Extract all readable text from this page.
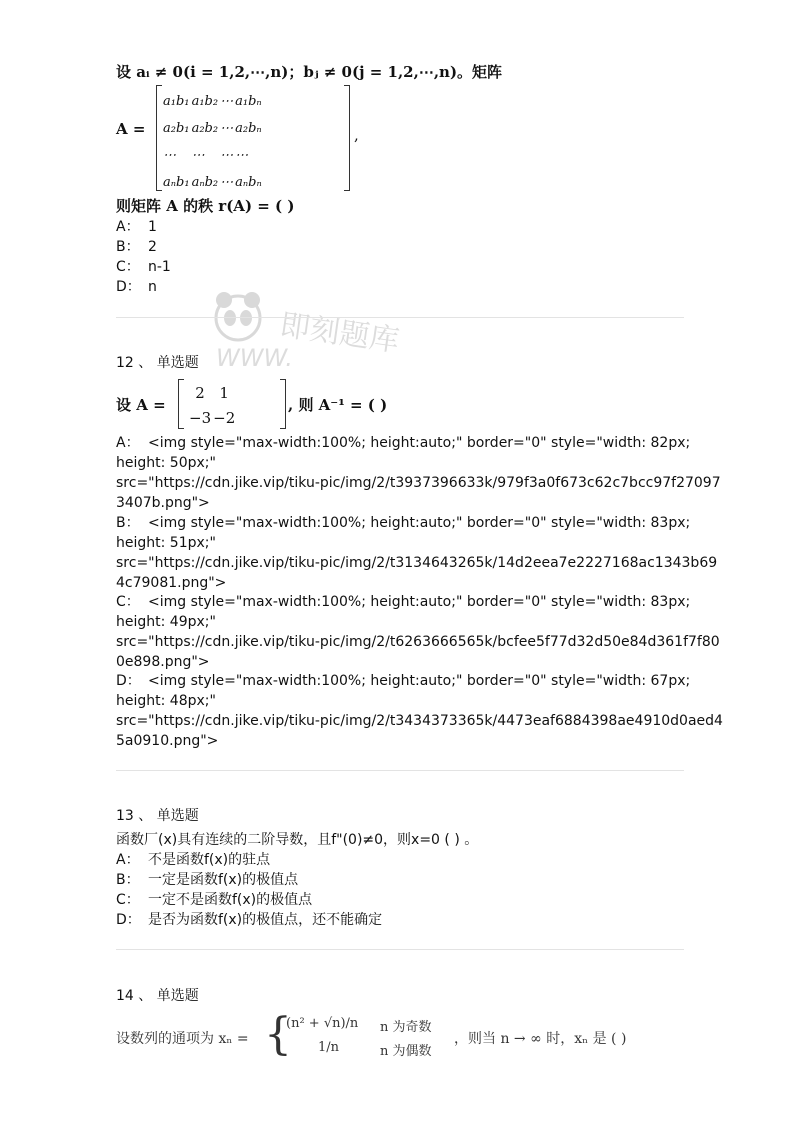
即刻题库
WWW.
设 aᵢ ≠ 0(i = 1,2,⋯,n)；bⱼ ≠ 0(j = 1,2,⋯,n)。矩阵
A =
a₁b₁	a₁b₂	⋯	a₁bₙ
a₂b₁	a₂b₂	⋯	a₂bₙ
⋯	⋯	⋯	⋯
aₙb₁	aₙb₂	⋯	aₙbₙ
,
则矩阵 A 的秩 r(A) = ( )
A： 1
B： 2
C： n-1
D： n
12 、 单选题
设 A =
2	1
−3	−2
, 则 A⁻¹ = ( )
A： <img style="max-width:100%; height:auto;" border="0" style="width: 82px;
height: 50px;"
src="https://cdn.jike.vip/tiku-pic/img/2/t3937396633k/979f3a0f673c62c7bcc97f27097
3407b.png">
B： <img style="max-width:100%; height:auto;" border="0" style="width: 83px;
height: 51px;"
src="https://cdn.jike.vip/tiku-pic/img/2/t3134643265k/14d2eea7e2227168ac1343b69
4c79081.png">
C： <img style="max-width:100%; height:auto;" border="0" style="width: 83px;
height: 49px;"
src="https://cdn.jike.vip/tiku-pic/img/2/t6263666565k/bcfee5f77d32d50e84d361f7f80
0e898.png">
D： <img style="max-width:100%; height:auto;" border="0" style="width: 67px;
height: 48px;"
src="https://cdn.jike.vip/tiku-pic/img/2/t3434373365k/4473eaf6884398ae4910d0aed4
5a0910.png">
13 、 单选题
函数厂(x)具有连续的二阶导数，且f"(0)≠0，则x=0 ( ) 。
A： 不是函数f(x)的驻点
B： 一定是函数f(x)的极值点
C： 一定不是函数f(x)的极值点
D： 是否为函数f(x)的极值点，还不能确定
14 、 单选题
设数列的通项为 xₙ = {
(n² + √n)/n n 为奇数
1/n	n 为偶数
，则当 n → ∞ 时，xₙ 是 ( )
